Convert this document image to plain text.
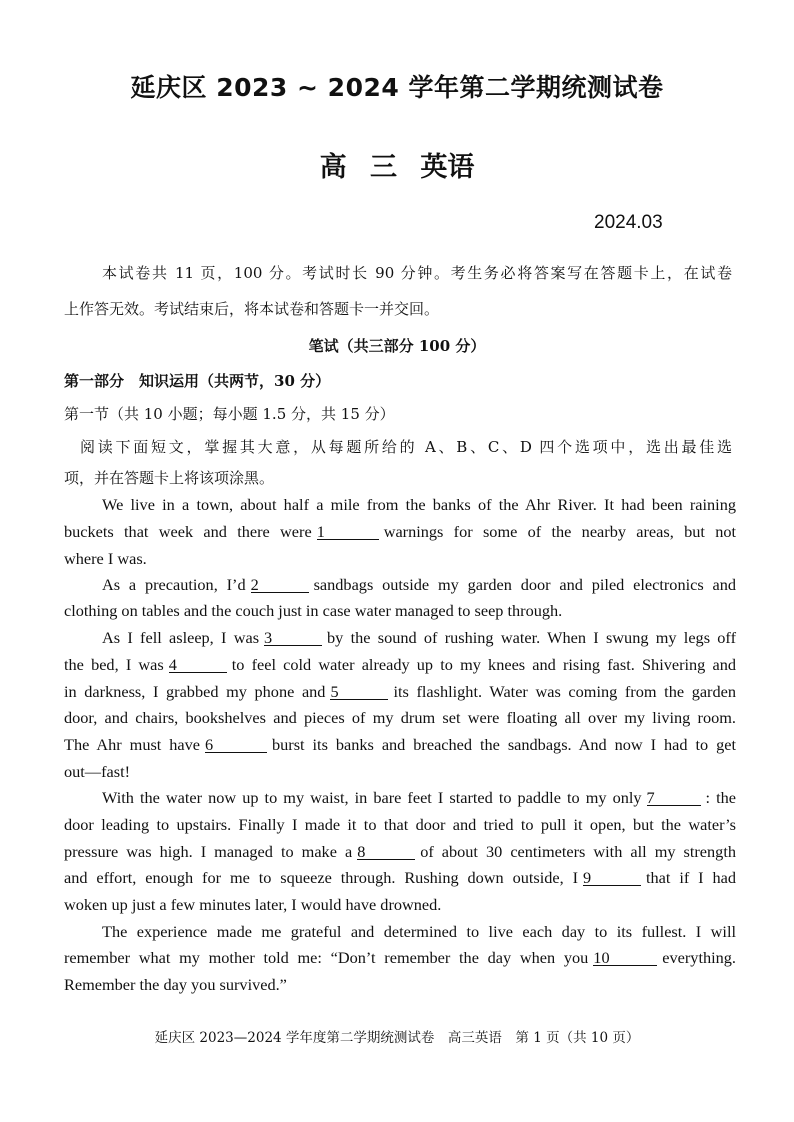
延庆区 2023 ~ 2024 学年第二学期统测试卷
高 三 英语
2024.03
本试卷共 11 页，100 分。考试时长 90 分钟。考生务必将答案写在答题卡上，在试卷
上作答无效。考试结束后，将本试卷和答题卡一并交回。
笔试（共三部分 100 分）
第一部分　知识运用（共两节，30 分）
第一节（共 10 小题；每小题 1.5 分，共 15 分）
阅读下面短文，掌握其大意，从每题所给的 A、B、C、D 四个选项中，选出最佳选
项，并在答题卡上将该项涂黑。
We live in a town, about half a mile from the banks of the Ahr River. It had been raining
buckets that week and there were 1	warnings for some of the nearby areas, but not
where I was.
As a precaution, I’d 2	sandbags outside my garden door and piled electronics and
clothing on tables and the couch just in case water managed to seep through.
As I fell asleep, I was 3	by the sound of rushing water. When I swung my legs off
the bed, I was 4	to feel cold water already up to my knees and rising fast. Shivering and
in darkness, I grabbed my phone and 5	its flashlight. Water was coming from the garden
door, and chairs, bookshelves and pieces of my drum set were floating all over my living room.
The Ahr must have 6	burst its banks and breached the sandbags. And now I had to get
out—fast!
With the water now up to my waist, in bare feet I started to paddle to my only 7	: the
door leading to upstairs. Finally I made it to that door and tried to pull it open, but the water’s
pressure was high. I managed to make a 8	of about 30 centimeters with all my strength
and effort, enough for me to squeeze through. Rushing down outside, I 9	that if I had
woken up just a few minutes later, I would have drowned.
The experience made me grateful and determined to live each day to its fullest. I will
remember what my mother told me: “Don’t remember the day when you 10	everything.
Remember the day you survived.”
延庆区 2023—2024 学年度第二学期统测试卷　高三英语　第 1 页（共 10 页）
